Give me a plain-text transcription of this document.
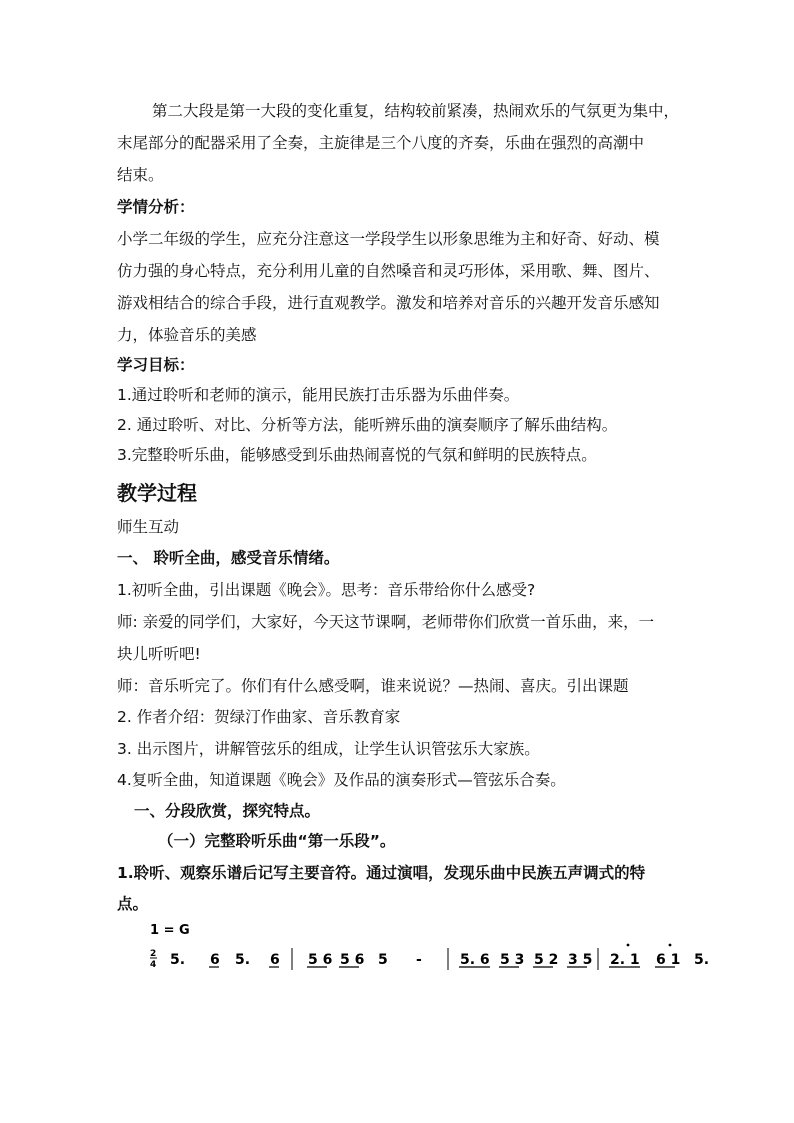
第二大段是第一大段的变化重复，结构较前紧凑，热闹欢乐的气氛更为集中，
末尾部分的配器采用了全奏，主旋律是三个八度的齐奏，乐曲在强烈的高潮中
结束。
学情分析：
小学二年级的学生，应充分注意这一学段学生以形象思维为主和好奇、好动、模
仿力强的身心特点，充分利用儿童的自然嗓音和灵巧形体，采用歌、舞、图片、
游戏相结合的综合手段，进行直观教学。激发和培养对音乐的兴趣开发音乐感知
力，体验音乐的美感
学习目标：
1.通过聆听和老师的演示，能用民族打击乐器为乐曲伴奏。
2. 通过聆听、对比、分析等方法，能听辨乐曲的演奏顺序了解乐曲结构。
3.完整聆听乐曲，能够感受到乐曲热闹喜悦的气氛和鲜明的民族特点。
教学过程
师生互动
一、 聆听全曲，感受音乐情绪。
1.初听全曲，引出课题《晚会》。思考：音乐带给你什么感受?
师: 亲爱的同学们，大家好，今天这节课啊，老师带你们欣赏一首乐曲，来，一
块儿听听吧!
师：音乐听完了。你们有什么感受啊，谁来说说？—热闹、喜庆。引出课题
2. 作者介绍：贺绿汀作曲家、音乐教育家
3. 出示图片，讲解管弦乐的组成，让学生认识管弦乐大家族。
4.复听全曲，知道课题《晚会》及作品的演奏形式—管弦乐合奏。
一、分段欣赏，探究特点。
（一）完整聆听乐曲“第一乐段”。
1.聆听、观察乐谱后记写主要音符。通过演唱，发现乐曲中民族五声调式的特
点。
1 = G
2
4 5. 6 5. 6 5 6 5 6 5 -	5. 6 5 3 5 2 3 5 2. 1 6 1 5.
